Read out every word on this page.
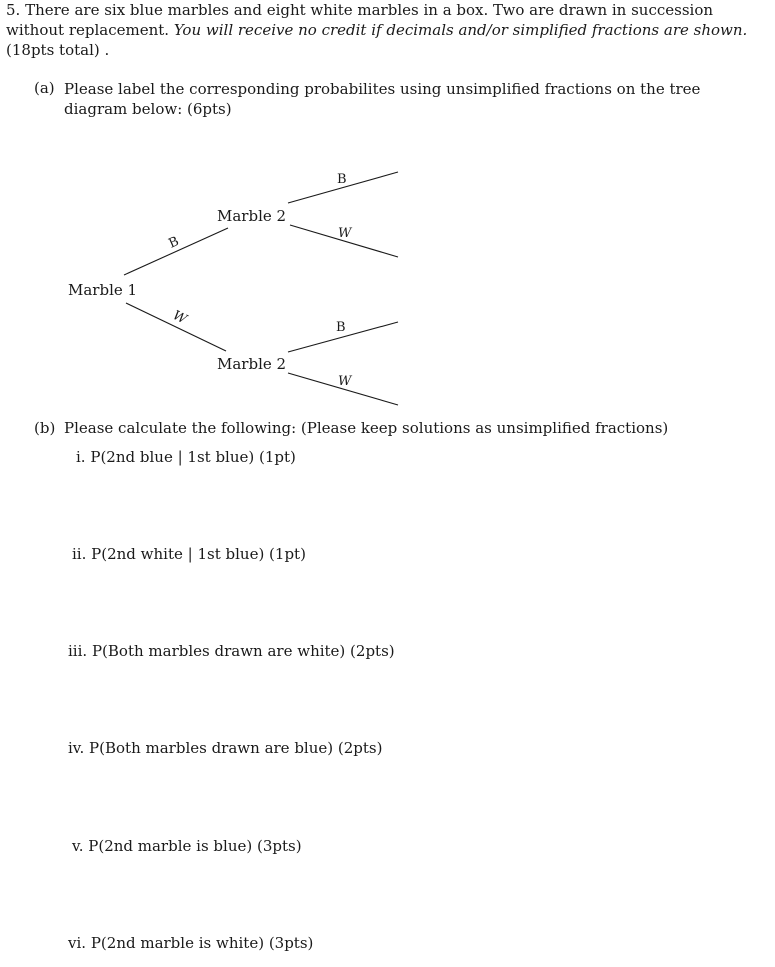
5. There are six blue marbles and eight white marbles in a box. Two are drawn in succession without replacement. You will receive no credit if decimals and/or simplified fractions are shown. (18pts total) .
(a) Please label the corresponding probabilites using unsimplified fractions on the tree diagram below: (6pts)
Marble 1
Marble 2
Marble 2
B
W
B
W
B
W
(b) Please calculate the following: (Please keep solutions as unsimplified fractions)
i. P(2nd blue | 1st blue) (1pt)
ii. P(2nd white | 1st blue) (1pt)
iii. P(Both marbles drawn are white) (2pts)
iv. P(Both marbles drawn are blue) (2pts)
v. P(2nd marble is blue) (3pts)
vi. P(2nd marble is white) (3pts)
